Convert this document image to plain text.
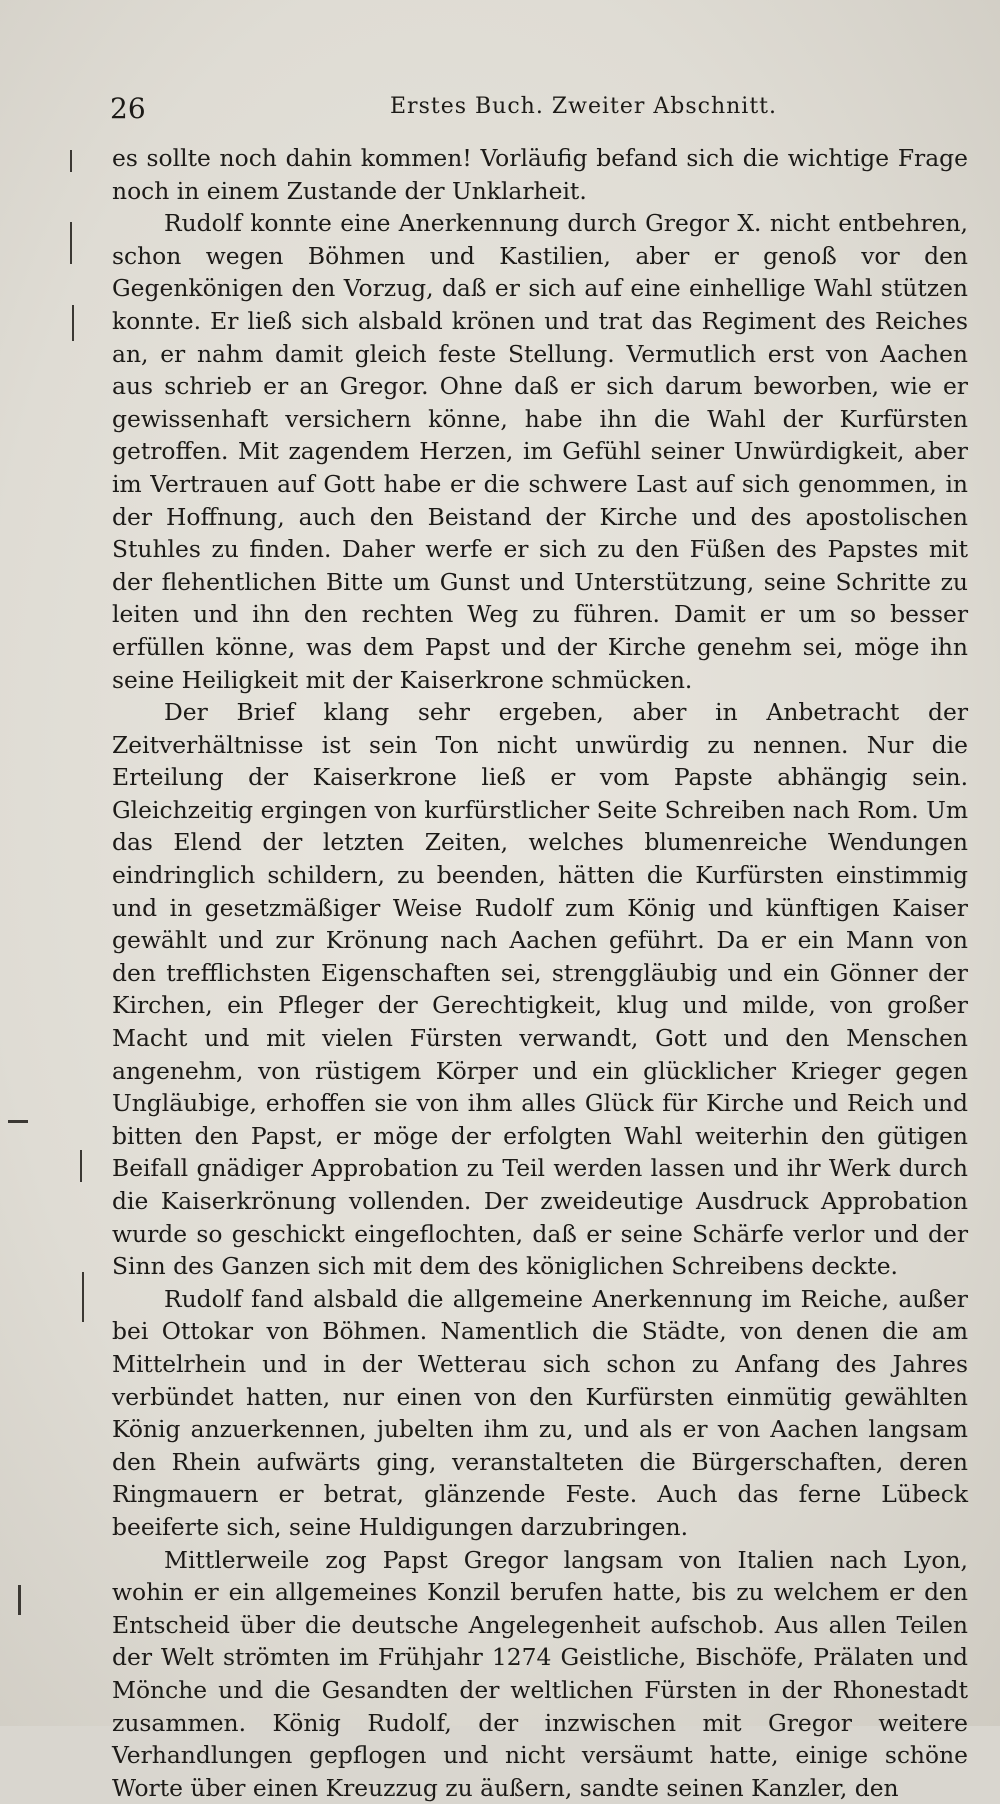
26	Erstes Buch. Zweiter Abschnitt.

es sollte noch dahin kommen! Vorläufig befand sich die wichtige Frage noch in einem Zustande der Unklarheit.

Rudolf konnte eine Anerkennung durch Gregor X. nicht entbehren, schon wegen Böhmen und Kastilien, aber er genoß vor den Gegenkönigen den Vorzug, daß er sich auf eine einhellige Wahl stützen konnte. Er ließ sich alsbald krönen und trat das Regiment des Reiches an, er nahm damit gleich feste Stellung. Vermutlich erst von Aachen aus schrieb er an Gregor. Ohne daß er sich darum beworben, wie er gewissenhaft versichern könne, habe ihn die Wahl der Kurfürsten getroffen. Mit zagendem Herzen, im Gefühl seiner Unwürdigkeit, aber im Vertrauen auf Gott habe er die schwere Last auf sich genommen, in der Hoffnung, auch den Beistand der Kirche und des apostolischen Stuhles zu finden. Daher werfe er sich zu den Füßen des Papstes mit der flehentlichen Bitte um Gunst und Unterstützung, seine Schritte zu leiten und ihn den rechten Weg zu führen. Damit er um so besser erfüllen könne, was dem Papst und der Kirche genehm sei, möge ihn seine Heiligkeit mit der Kaiserkrone schmücken.

Der Brief klang sehr ergeben, aber in Anbetracht der Zeitverhältnisse ist sein Ton nicht unwürdig zu nennen. Nur die Erteilung der Kaiserkrone ließ er vom Papste abhängig sein. Gleichzeitig ergingen von kurfürstlicher Seite Schreiben nach Rom. Um das Elend der letzten Zeiten, welches blumenreiche Wendungen eindringlich schildern, zu beenden, hätten die Kurfürsten einstimmig und in gesetzmäßiger Weise Rudolf zum König und künftigen Kaiser gewählt und zur Krönung nach Aachen geführt. Da er ein Mann von den trefflichsten Eigenschaften sei, strenggläubig und ein Gönner der Kirchen, ein Pfleger der Gerechtigkeit, klug und milde, von großer Macht und mit vielen Fürsten verwandt, Gott und den Menschen angenehm, von rüstigem Körper und ein glücklicher Krieger gegen Ungläubige, erhoffen sie von ihm alles Glück für Kirche und Reich und bitten den Papst, er möge der erfolgten Wahl weiterhin den gütigen Beifall gnädiger Approbation zu Teil werden lassen und ihr Werk durch die Kaiserkrönung vollenden. Der zweideutige Ausdruck Approbation wurde so geschickt eingeflochten, daß er seine Schärfe verlor und der Sinn des Ganzen sich mit dem des königlichen Schreibens deckte.

Rudolf fand alsbald die allgemeine Anerkennung im Reiche, außer bei Ottokar von Böhmen. Namentlich die Städte, von denen die am Mittelrhein und in der Wetterau sich schon zu Anfang des Jahres verbündet hatten, nur einen von den Kurfürsten einmütig gewählten König anzuerkennen, jubelten ihm zu, und als er von Aachen langsam den Rhein aufwärts ging, veranstalteten die Bürgerschaften, deren Ringmauern er betrat, glänzende Feste. Auch das ferne Lübeck beeiferte sich, seine Huldigungen darzubringen.

Mittlerweile zog Papst Gregor langsam von Italien nach Lyon, wohin er ein allgemeines Konzil berufen hatte, bis zu welchem er den Entscheid über die deutsche Angelegenheit aufschob. Aus allen Teilen der Welt strömten im Frühjahr 1274 Geistliche, Bischöfe, Prälaten und Mönche und die Gesandten der weltlichen Fürsten in der Rhonestadt zusammen. König Rudolf, der inzwischen mit Gregor weitere Verhandlungen gepflogen und nicht versäumt hatte, einige schöne Worte über einen Kreuzzug zu äußern, sandte seinen Kanzler, den
